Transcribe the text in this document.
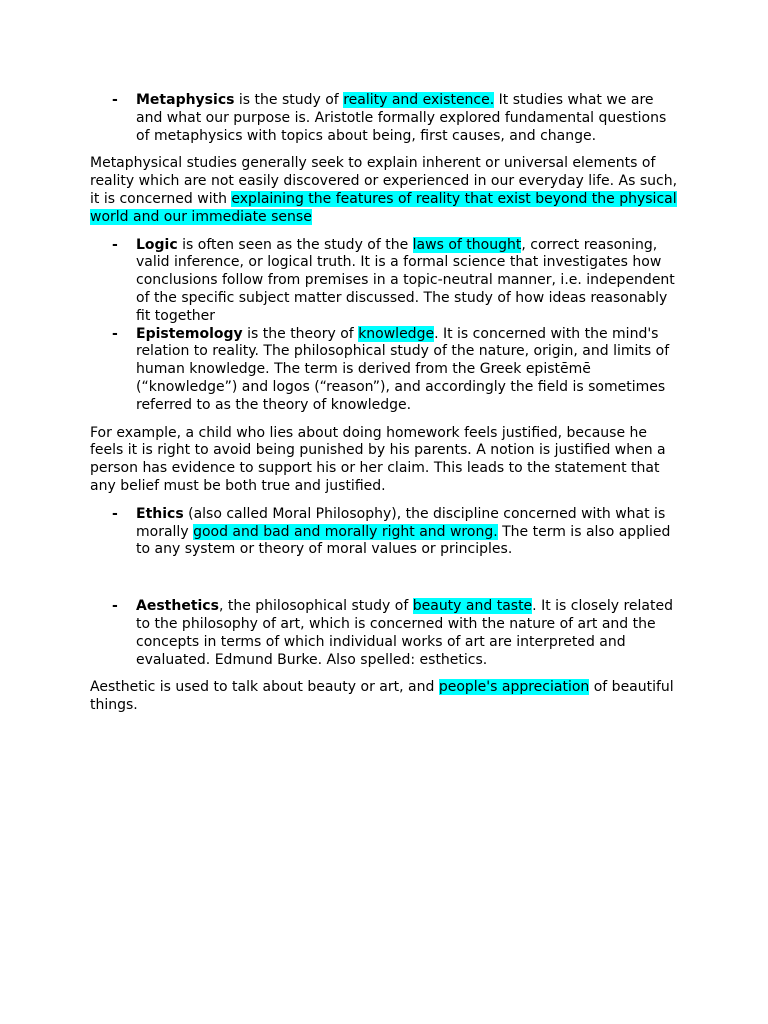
- Metaphysics is the study of reality and existence. It studies what we are and what our purpose is. Aristotle formally explored fundamental questions of metaphysics with topics about being, first causes, and change.

Metaphysical studies generally seek to explain inherent or universal elements of reality which are not easily discovered or experienced in our everyday life. As such, it is concerned with explaining the features of reality that exist beyond the physical world and our immediate sense

- Logic is often seen as the study of the laws of thought, correct reasoning, valid inference, or logical truth. It is a formal science that investigates how conclusions follow from premises in a topic-neutral manner, i.e. independent of the specific subject matter discussed. The study of how ideas reasonably fit together
- Epistemology is the theory of knowledge. It is concerned with the mind's relation to reality. The philosophical study of the nature, origin, and limits of human knowledge. The term is derived from the Greek epistēmē (“knowledge”) and logos (“reason”), and accordingly the field is sometimes referred to as the theory of knowledge.

For example, a child who lies about doing homework feels justified, because he feels it is right to avoid being punished by his parents. A notion is justified when a person has evidence to support his or her claim. This leads to the statement that any belief must be both true and justified.

- Ethics (also called Moral Philosophy), the discipline concerned with what is morally good and bad and morally right and wrong. The term is also applied to any system or theory of moral values or principles.
- Aesthetics, the philosophical study of beauty and taste. It is closely related to the philosophy of art, which is concerned with the nature of art and the concepts in terms of which individual works of art are interpreted and evaluated. Edmund Burke. Also spelled: esthetics.

Aesthetic is used to talk about beauty or art, and people's appreciation of beautiful things.
